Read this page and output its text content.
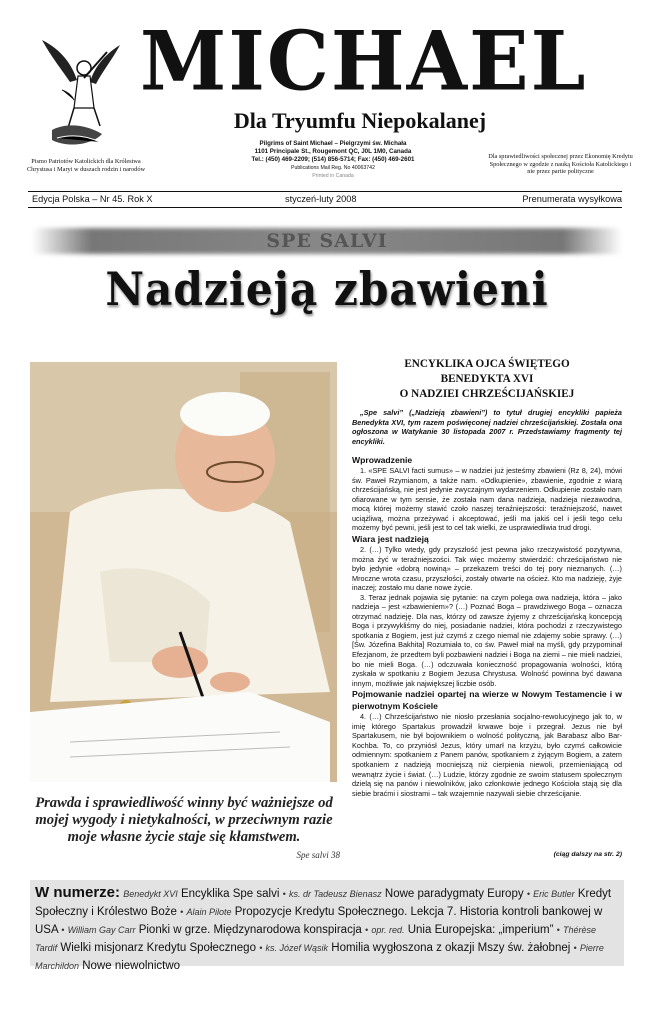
MICHAEL
Dla Tryumfu Niepokalanej
Pilgrims of Saint Michael – Pielgrzymi św. Michała
1101 Principale St., Rougemont QC, J0L 1M0, Canada
Tel.: (450) 469-2209; (514) 856-5714; Fax: (450) 469-2601
Publications Mail Reg. No 40063742
Printed in Canada
Pismo Patriotów Katolickich dla Królestwa Chrystusa i Maryi w duszach rodzin i narodów
Dla sprawiedliwości społecznej przez Ekonomię Kredytu Społecznego w zgodzie z nauką Kościoła Katolickiego i nie przez partie polityczne
Edycja Polska – Nr 45. Rok X	styczeń-luty 2008	Prenumerata wysyłkowa
SPE SALVI
Nadzieją zbawieni
Prawda i sprawiedliwość winny być ważniejsze od mojej wygody i nietykalności, w przeciwnym razie moje własne życie staje się kłamstwem.
Spe salvi 38
ENCYKLIKA OJCA ŚWIĘTEGO
BENEDYKTA XVI
O NADZIEI CHRZEŚCIJAŃSKIEJ

„Spe salvi” („Nadzieją zbawieni”) to tytuł drugiej encykliki papieża Benedykta XVI, tym razem poświęconej nadziei chrześcijańskiej. Została ona ogłoszona w Watykanie 30 listopada 2007 r. Przedstawiamy fragmenty tej encykliki.

Wprowadzenie

1. «SPE SALVI facti sumus» – w nadziei już jesteśmy zbawieni (Rz 8, 24), mówi św. Paweł Rzymianom, a także nam. «Odkupienie», zbawienie, zgodnie z wiarą chrześcijańską, nie jest jedynie zwyczajnym wydarzeniem. Odkupienie zostało nam ofiarowane w tym sensie, że została nam dana nadzieja, nadzieja niezawodna, mocą której możemy stawić czoło naszej teraźniejszości: teraźniejszość, nawet uciążliwą, można przeżywać i akceptować, jeśli ma jakiś cel i jeśli tego celu możemy być pewni, jeśli jest to cel tak wielki, że usprawiedliwia trud drogi.

Wiara jest nadzieją

2. (…) Tylko wtedy, gdy przyszłość jest pewna jako rzeczywistość pozytywna, można żyć w teraźniejszości. Tak więc możemy stwierdzić: chrześcijaństwo nie było jedynie «dobrą nowiną» – przekazem treści do tej pory nieznanych. (…) Mroczne wrota czasu, przyszłości, zostały otwarte na oścież. Kto ma nadzieję, żyje inaczej; zostało mu dane nowe życie.

3. Teraz jednak pojawia się pytanie: na czym polega owa nadzieja, która – jako nadzieja – jest «zbawieniem»? (…) Poznać Boga – prawdziwego Boga – oznacza otrzymać nadzieję. Dla nas, którzy od zawsze żyjemy z chrześcijańską koncepcją Boga i przywykliśmy do niej, posiadanie nadziei, która pochodzi z rzeczywistego spotkania z Bogiem, jest już czymś z czego niemal nie zdajemy sobie sprawy. (…) [Św. Józefina Bakhita] Rozumiała to, co św. Paweł miał na myśli, gdy przypominał Efezjanom, że przedtem byli pozbawieni nadziei i Boga na ziemi – nie mieli nadziei, bo nie mieli Boga. (…) odczuwała konieczność propagowania wolności, którą zyskała w spotkaniu z Bogiem Jezusa Chrystusa. Wolność powinna być dawana innym, możliwie jak największej liczbie osób.

Pojmowanie nadziei opartej na wierze w Nowym Testamencie i w pierwotnym Kościele

4. (…) Chrześcijaństwo nie niosło przesłania socjalno-rewolucyjnego jak to, w imię którego Spartakus prowadził krwawe boje i przegrał. Jezus nie był Spartakusem, nie był bojownikiem o wolność polityczną, jak Barabasz albo Bar-Kochba. To, co przyniósł Jezus, który umarł na krzyżu, było czymś całkowicie odmiennym: spotkaniem z Panem panów, spotkaniem z żyjącym Bogiem, a zatem spotkaniem z nadzieją mocniejszą niż cierpienia niewoli, przemieniającą od wewnątrz życie i świat. (…) Ludzie, którzy zgodnie ze swoim statusem społecznym dzielą się na panów i niewolników, jako członkowie jednego Kościoła stają się dla siebie braćmi i siostrami – tak wzajemnie nazywali siebie chrześcijanie.

(ciąg dalszy na str. 2)
W numerze: Benedykt XVI Encyklika Spe salvi • ks. dr Tadeusz Bienasz Nowe paradygmaty Europy • Eric Butler Kredyt Społeczny i Królestwo Boże • Alain Pilote Propozycje Kredytu Społecznego. Lekcja 7. Historia kontroli bankowej w USA • William Gay Carr Pionki w grze. Międzynarodowa konspiracja • opr. red. Unia Europejska: „imperium” • Thérèse Tardif Wielki misjonarz Kredytu Społecznego • ks. Józef Wąsik Homilia wygłoszona z okazji Mszy św. żałobnej • Pierre Marchildon Nowe niewolnictwo
